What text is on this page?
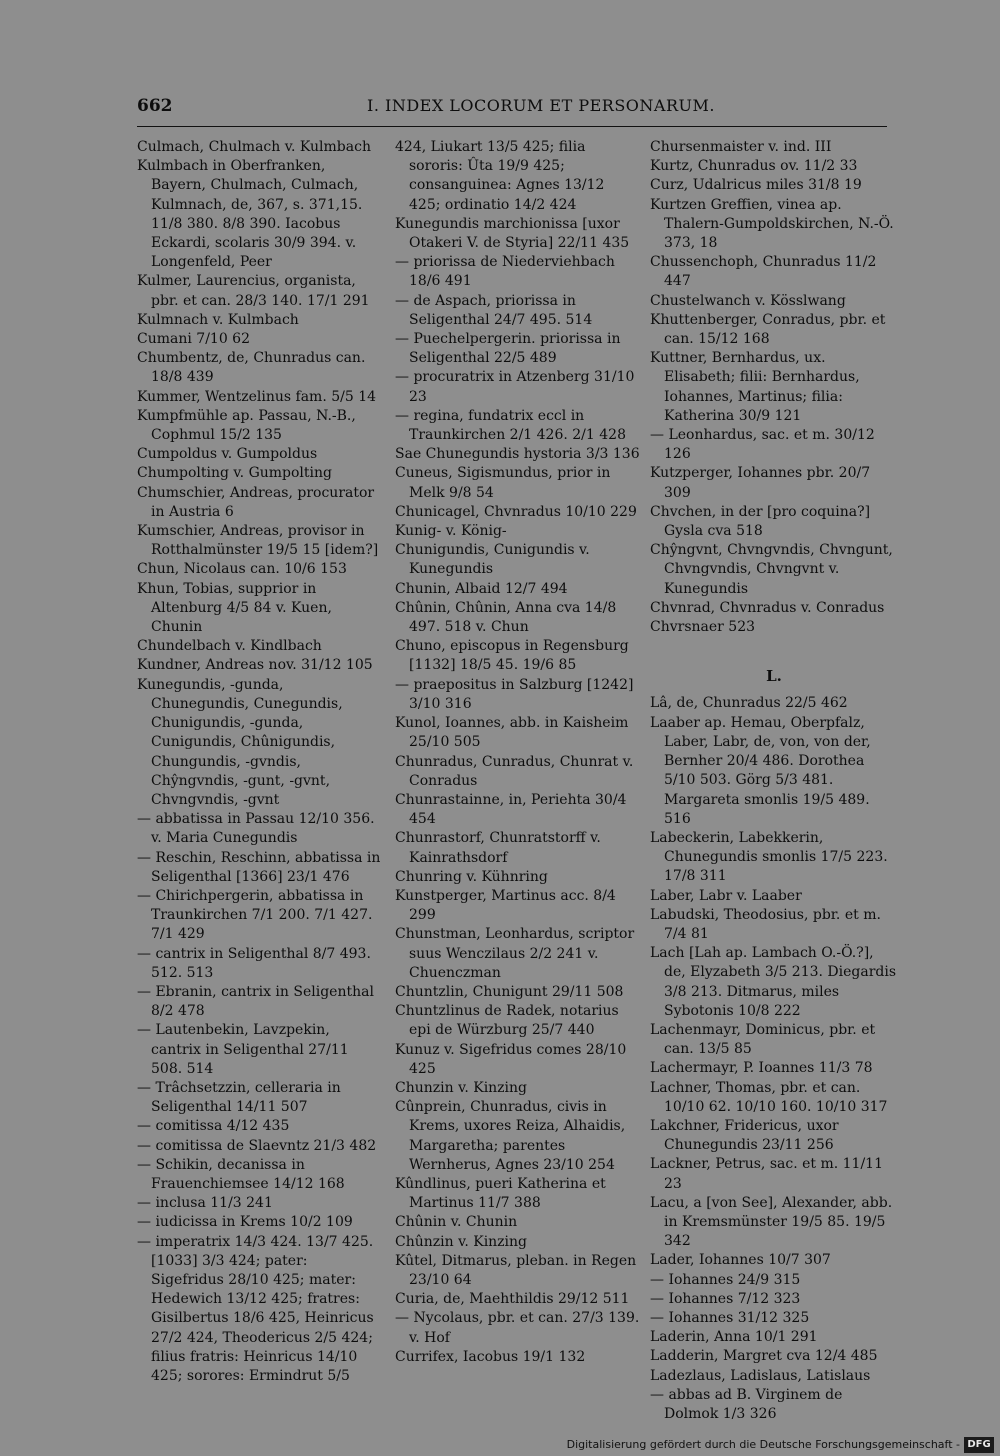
662	I. INDEX LOCORUM ET PERSONARUM.

Culmach, Chulmach v. Kulmbach

Kulmbach in Oberfranken, Bayern, Chulmach, Culmach, Kulmnach, de, 367, s. 371,15. 11/8 380. 8/8 390. Iacobus Eckardi, scolaris 30/9 394. v. Longenfeld, Peer

Kulmer, Laurencius, organista, pbr. et can. 28/3 140. 17/1 291

Kulmnach v. Kulmbach

Cumani 7/10 62

Chumbentz, de, Chunradus can. 18/8 439

Kummer, Wentzelinus fam. 5/5 14

Kumpfmühle ap. Passau, N.-B., Cophmul 15/2 135

Cumpoldus v. Gumpoldus

Chumpolting v. Gumpolting

Chumschier, Andreas, procurator in Austria 6

Kumschier, Andreas, provisor in Rotthalmünster 19/5 15 [idem?]

Chun, Nicolaus can. 10/6 153

Khun, Tobias, supprior in Altenburg 4/5 84 v. Kuen, Chunin

Chundelbach v. Kindlbach

Kundner, Andreas nov. 31/12 105

Kunegundis, -gunda, Chunegundis, Cunegundis, Chunigundis, -gunda, Cunigundis, Chûnigundis, Chungundis, -gvndis, Chŷngvndis, -gunt, -gvnt, Chvngvndis, -gvnt

— abbatissa in Passau 12/10 356. v. Maria Cunegundis

— Reschin, Reschinn, abbatissa in Seligenthal [1366] 23/1 476

— Chirichpergerin, abbatissa in Traunkirchen 7/1 200. 7/1 427. 7/1 429

— cantrix in Seligenthal 8/7 493. 512. 513

— Ebranin, cantrix in Seligenthal 8/2 478

— Lautenbekin, Lavzpekin, cantrix in Seligenthal 27/11 508. 514

— Trâchsetzzin, celleraria in Seligenthal 14/11 507

— comitissa 4/12 435

— comitissa de Slaevntz 21/3 482

— Schikin, decanissa in Frauenchiemsee 14/12 168

— inclusa 11/3 241

— iudicissa in Krems 10/2 109

— imperatrix 14/3 424. 13/7 425. [1033] 3/3 424; pater: Sigefridus 28/10 425; mater: Hedewich 13/12 425; fratres: Gisilbertus 18/6 425, Heinricus 27/2 424, Theodericus 2/5 424; filius fratris: Heinricus 14/10 425; sorores: Ermindrut 5/5

424, Liukart 13/5 425; filia sororis: Ûta 19/9 425; consanguinea: Agnes 13/12 425; ordinatio 14/2 424

Kunegundis marchionissa [uxor Otakeri V. de Styria] 22/11 435

— priorissa de Niederviehbach 18/6 491

— de Aspach, priorissa in Seligenthal 24/7 495. 514

— Puechelpergerin. priorissa in Seligenthal 22/5 489

— procuratrix in Atzenberg 31/10 23

— regina, fundatrix eccl in Traunkirchen 2/1 426. 2/1 428

Sae Chunegundis hystoria 3/3 136

Cuneus, Sigismundus, prior in Melk 9/8 54

Chunicagel, Chvnradus 10/10 229

Kunig- v. König-

Chunigundis, Cunigundis v. Kunegundis

Chunin, Albaid 12/7 494

Chûnin, Chûnin, Anna cva 14/8 497. 518 v. Chun

Chuno, episcopus in Regensburg [1132] 18/5 45. 19/6 85

— praepositus in Salzburg [1242] 3/10 316

Kunol, Ioannes, abb. in Kaisheim 25/10 505

Chunradus, Cunradus, Chunrat v. Conradus

Chunrastainne, in, Periehta 30/4 454

Chunrastorf, Chunratstorff v. Kainrathsdorf

Chunring v. Kühnring

Kunstperger, Martinus acc. 8/4 299

Chunstman, Leonhardus, scriptor suus Wenczilaus 2/2 241 v. Chuenczman

Chuntzlin, Chunigunt 29/11 508

Chuntzlinus de Radek, notarius epi de Würzburg 25/7 440

Kunuz v. Sigefridus comes 28/10 425

Chunzin v. Kinzing

Cûnprein, Chunradus, civis in Krems, uxores Reiza, Alhaidis, Margaretha; parentes Wernherus, Agnes 23/10 254

Kûndlinus, pueri Katherina et Martinus 11/7 388

Chûnin v. Chunin

Chûnzin v. Kinzing

Kûtel, Ditmarus, pleban. in Regen 23/10 64

Curia, de, Maehthildis 29/12 511

— Nycolaus, pbr. et can. 27/3 139. v. Hof

Currifex, Iacobus 19/1 132

Chursenmaister v. ind. III

Kurtz, Chunradus ov. 11/2 33

Curz, Udalricus miles 31/8 19

Kurtzen Greffien, vinea ap. Thalern-Gumpoldskirchen, N.-Ö. 373, 18

Chussenchoph, Chunradus 11/2 447

Chustelwanch v. Kösslwang

Khuttenberger, Conradus, pbr. et can. 15/12 168

Kuttner, Bernhardus, ux. Elisabeth; filii: Bernhardus, Iohannes, Martinus; filia: Katherina 30/9 121

— Leonhardus, sac. et m. 30/12 126

Kutzperger, Iohannes pbr. 20/7 309

Chvchen, in der [pro coquina?] Gysla cva 518

Chŷngvnt, Chvngvndis, Chvngunt, Chvngvndis, Chvngvnt v. Kunegundis

Chvnrad, Chvnradus v. Conradus

Chvrsnaer 523

L.

Lâ, de, Chunradus 22/5 462

Laaber ap. Hemau, Oberpfalz, Laber, Labr, de, von, von der, Bernher 20/4 486. Dorothea 5/10 503. Görg 5/3 481. Margareta smonlis 19/5 489. 516

Labeckerin, Labekkerin, Chunegundis smonlis 17/5 223. 17/8 311

Laber, Labr v. Laaber

Labudski, Theodosius, pbr. et m. 7/4 81

Lach [Lah ap. Lambach O.-Ö.?], de, Elyzabeth 3/5 213. Diegardis 3/8 213. Ditmarus, miles Sybotonis 10/8 222

Lachenmayr, Dominicus, pbr. et can. 13/5 85

Lachermayr, P. Ioannes 11/3 78

Lachner, Thomas, pbr. et can. 10/10 62. 10/10 160. 10/10 317

Lakchner, Fridericus, uxor Chunegundis 23/11 256

Lackner, Petrus, sac. et m. 11/11 23

Lacu, a [von See], Alexander, abb. in Kremsmünster 19/5 85. 19/5 342

Lader, Iohannes 10/7 307

— Iohannes 24/9 315

— Iohannes 7/12 323

— Iohannes 31/12 325

Laderin, Anna 10/1 291

Ladderin, Margret cva 12/4 485

Ladezlaus, Ladislaus, Latislaus

— abbas ad B. Virginem de Dolmok 1/3 326

Digitalisierung gefördert durch die Deutsche Forschungsgemeinschaft - DFG
